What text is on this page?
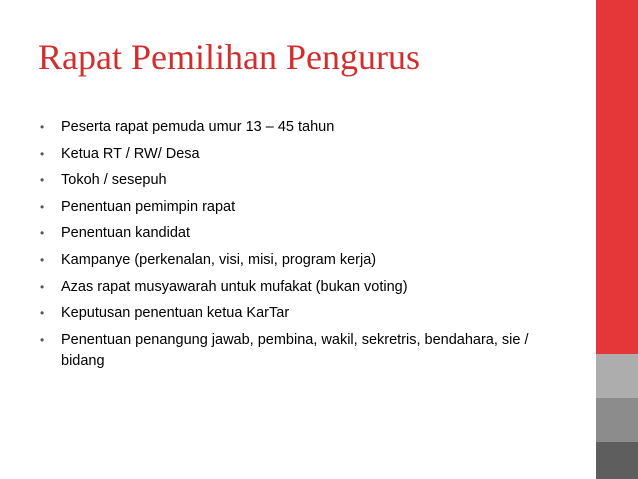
Rapat Pemilihan Pengurus
•	Peserta rapat pemuda umur 13 – 45 tahun
•	Ketua RT / RW/ Desa
•	Tokoh / sesepuh
•	Penentuan pemimpin rapat
•	Penentuan kandidat
•	Kampanye (perkenalan, visi, misi, program kerja)
•	Azas rapat musyawarah untuk mufakat (bukan voting)
•	Keputusan penentuan ketua KarTar
•	Penentuan penangung jawab, pembina, wakil, sekretris, bendahara, sie / bidang
